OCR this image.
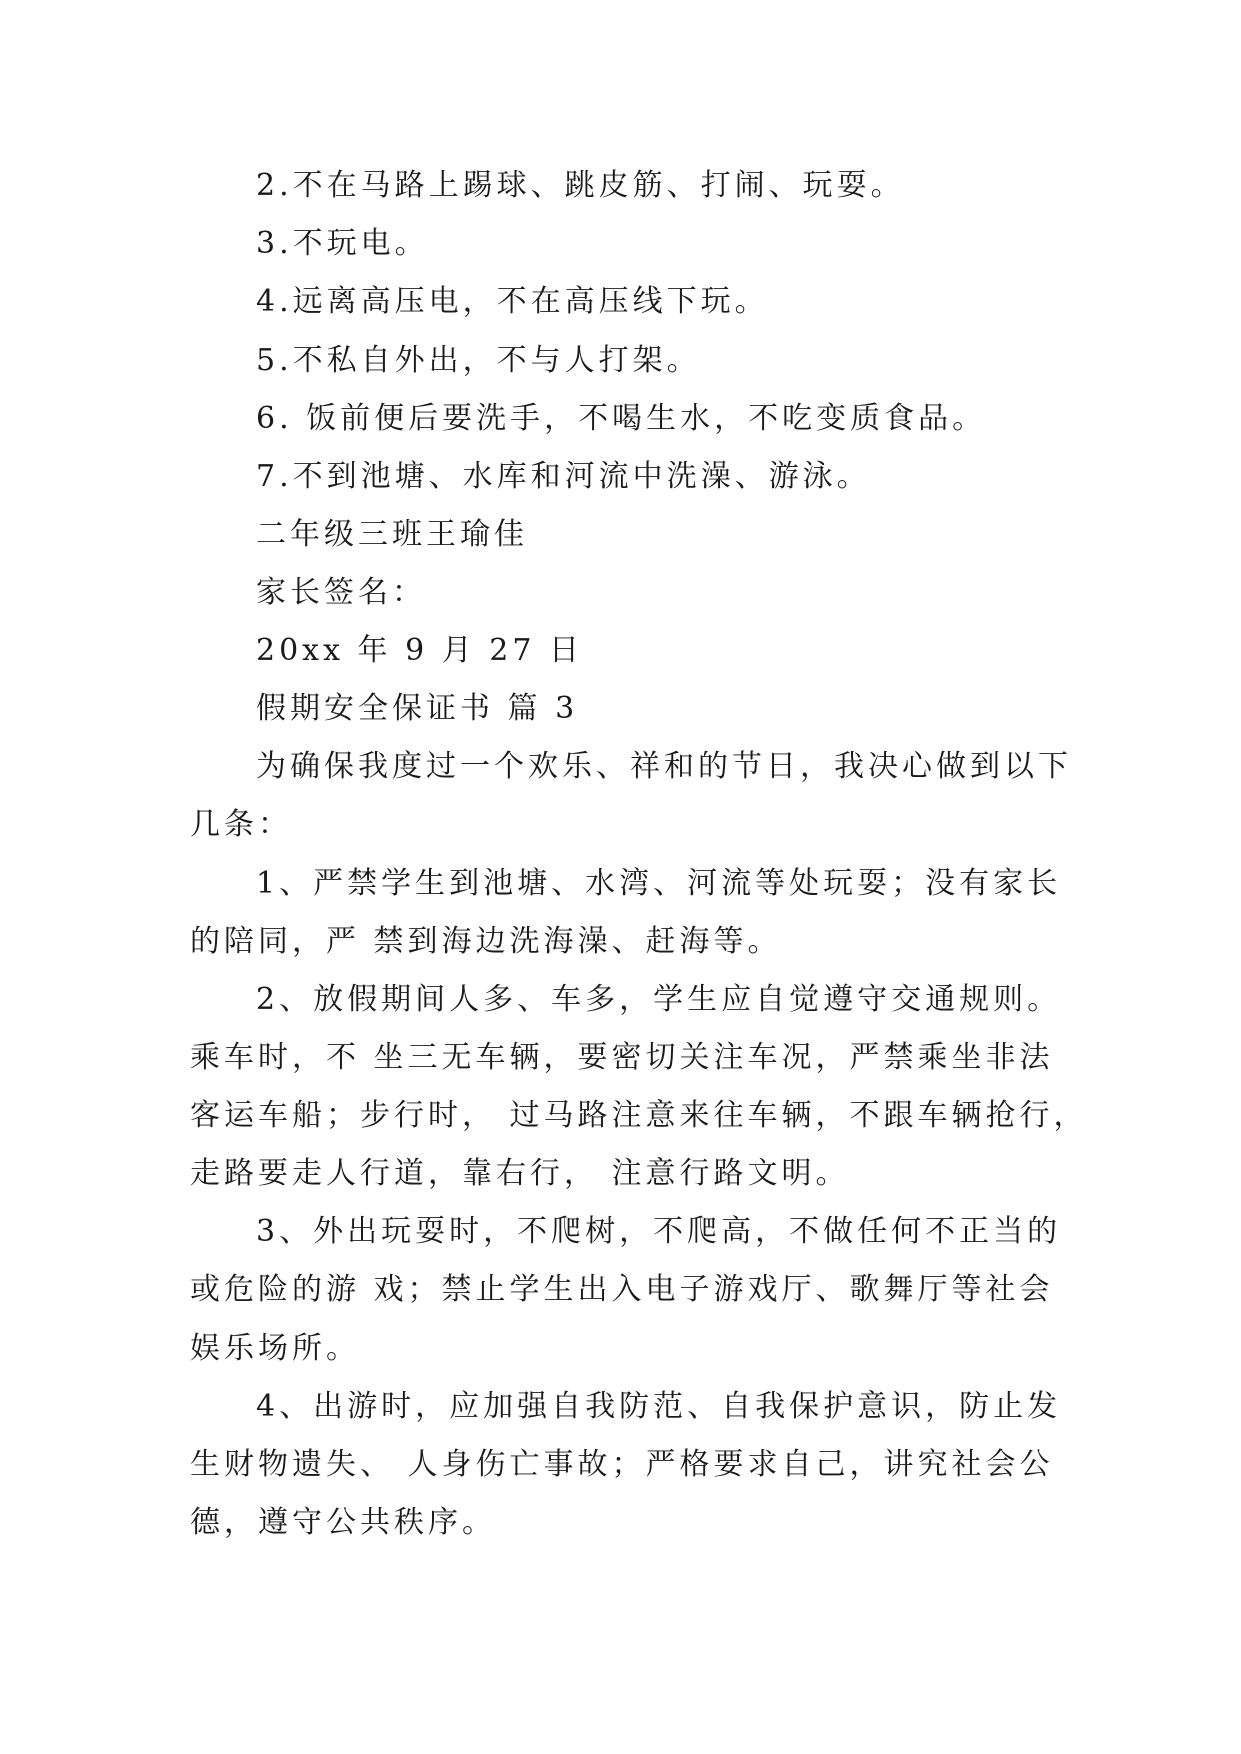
2.不在马路上踢球、跳皮筋、打闹、玩耍。
3.不玩电。
4.远离高压电，不在高压线下玩。
5.不私自外出，不与人打架。
6. 饭前便后要洗手，不喝生水，不吃变质食品。
7.不到池塘、水库和河流中洗澡、游泳。
二年级三班王瑜佳
家长签名：
20xx 年 9 月 27 日
假期安全保证书 篇 3
为确保我度过一个欢乐、祥和的节日，我决心做到以下
几条：
1、严禁学生到池塘、水湾、河流等处玩耍；没有家长
的陪同，严 禁到海边洗海澡、赶海等。
2、放假期间人多、车多，学生应自觉遵守交通规则。
乘车时，不 坐三无车辆，要密切关注车况，严禁乘坐非法
客运车船；步行时， 过马路注意来往车辆，不跟车辆抢行，
走路要走人行道，靠右行， 注意行路文明。
3、外出玩耍时，不爬树，不爬高，不做任何不正当的
或危险的游 戏；禁止学生出入电子游戏厅、歌舞厅等社会
娱乐场所。
4、出游时，应加强自我防范、自我保护意识，防止发
生财物遗失、 人身伤亡事故；严格要求自己，讲究社会公
德，遵守公共秩序。
